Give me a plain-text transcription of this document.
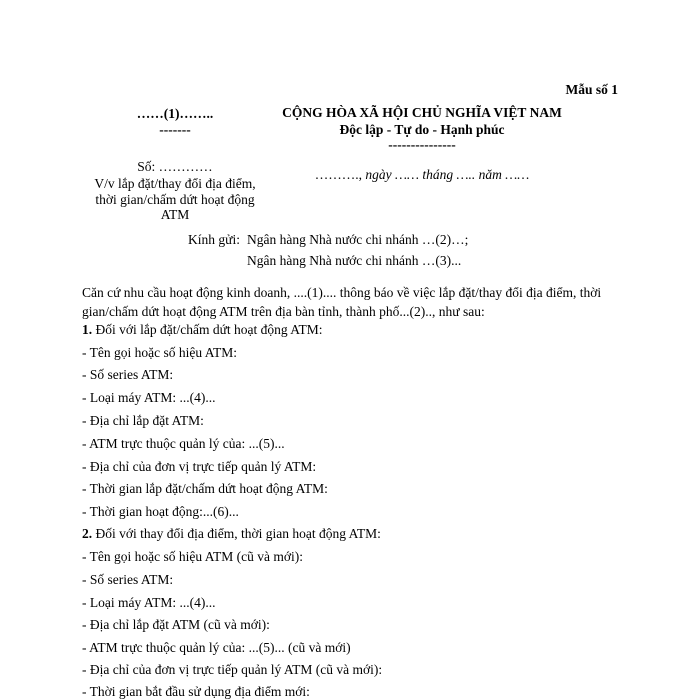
Mẫu số 1
……(1)……..
-------
Số: …………
V/v lắp đặt/thay đổi địa điểm,
thời gian/chấm dứt hoạt động
ATM
CỘNG HÒA XÃ HỘI CHỦ NGHĨA VIỆT NAM
Độc lập - Tự do - Hạnh phúc
---------------
………., ngày …… tháng ….. năm ……
Kính gửi: Ngân hàng Nhà nước chi nhánh …(2)…;
Ngân hàng Nhà nước chi nhánh …(3)...
Căn cứ nhu cầu hoạt động kinh doanh, ....(1).... thông báo về việc lắp đặt/thay đổi địa điểm, thời gian/chấm dứt hoạt động ATM trên địa bàn tỉnh, thành phố...(2).., như sau:
1. Đối với lắp đặt/chấm dứt hoạt động ATM:
- Tên gọi hoặc số hiệu ATM:
- Số series ATM:
- Loại máy ATM: ...(4)...
- Địa chỉ lắp đặt ATM:
- ATM trực thuộc quản lý của: ...(5)...
- Địa chỉ của đơn vị trực tiếp quản lý ATM:
- Thời gian lắp đặt/chấm dứt hoạt động ATM:
- Thời gian hoạt động:...(6)...
2. Đối với thay đổi địa điểm, thời gian hoạt động ATM:
- Tên gọi hoặc số hiệu ATM (cũ và mới):
- Số series ATM:
- Loại máy ATM: ...(4)...
- Địa chỉ lắp đặt ATM (cũ và mới):
- ATM trực thuộc quản lý của: ...(5)... (cũ và mới)
- Địa chỉ của đơn vị trực tiếp quản lý ATM (cũ và mới):
- Thời gian bắt đầu sử dụng địa điểm mới:
